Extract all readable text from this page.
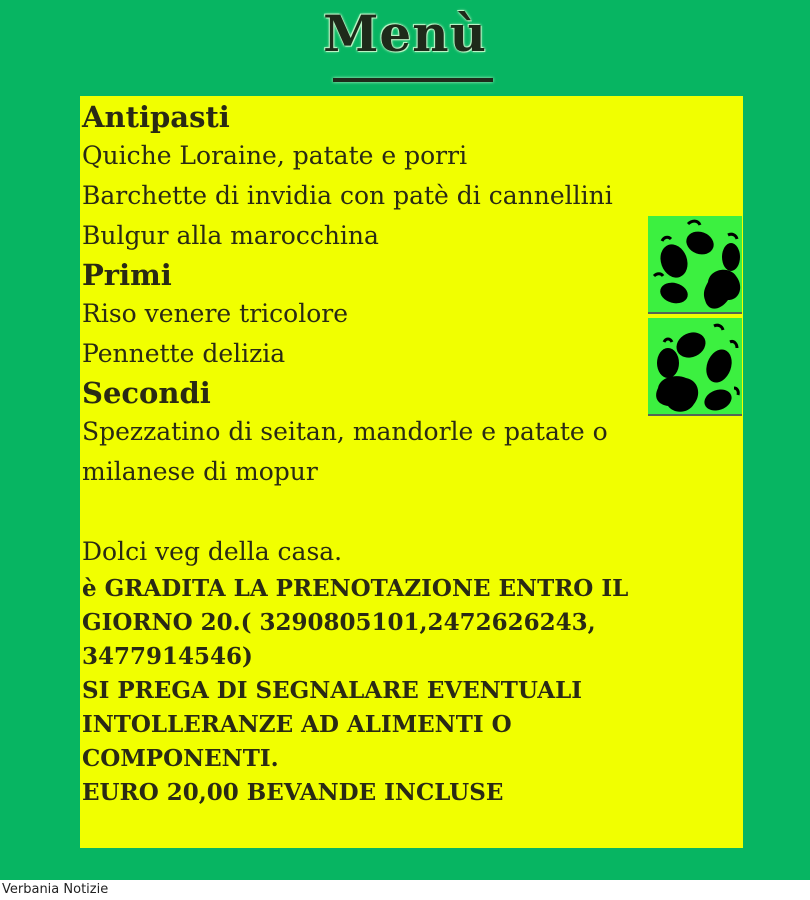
Menù

Antipasti

Quiche Loraine, patate e porri

Barchette di invidia con patè di cannellini

Bulgur alla marocchina

Primi

Riso venere tricolore

Pennette delizia

Secondi

Spezzatino di seitan, mandorle e patate o

milanese di mopur

Dolci veg della casa.

è GRADITA LA PRENOTAZIONE ENTRO IL

GIORNO 20.( 3290805101,2472626243,

3477914546)

SI PREGA DI SEGNALARE EVENTUALI

INTOLLERANZE AD ALIMENTI O

COMPONENTI.

EURO 20,00 BEVANDE INCLUSE

Verbania Notizie
